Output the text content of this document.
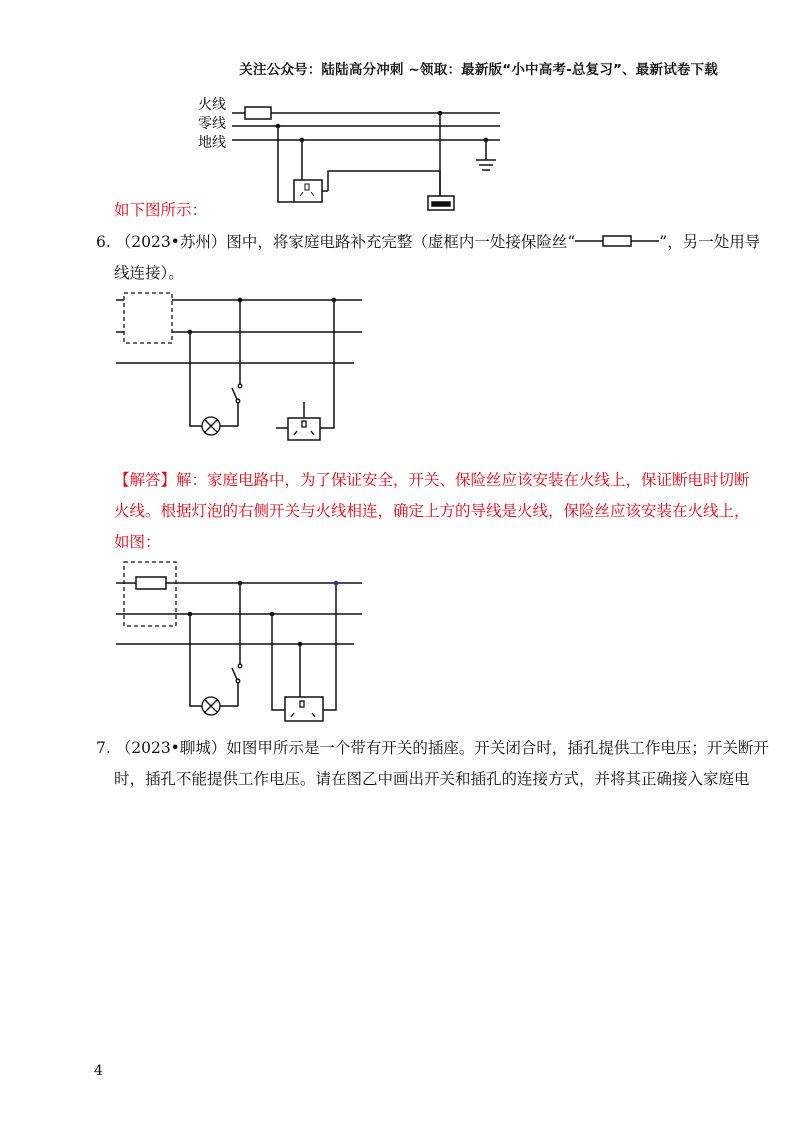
关注公众号：陆陆高分冲刺 ~领取：最新版“小中高考-总复习”、最新试卷下载
火线
零线
地线
如下图所示：
6. （2023•苏州）图中，将家庭电路补充完整（虚框内一处接保险丝“	”，另一处用导
线连接）。
【解答】解：家庭电路中，为了保证安全，开关、保险丝应该安装在火线上，保证断电时切断
火线。根据灯泡的右侧开关与火线相连，确定上方的导线是火线，保险丝应该安装在火线上，
如图：
7. （2023•聊城）如图甲所示是一个带有开关的插座。开关闭合时，插孔提供工作电压；开关断开
时，插孔不能提供工作电压。请在图乙中画出开关和插孔的连接方式，并将其正确接入家庭电
4
